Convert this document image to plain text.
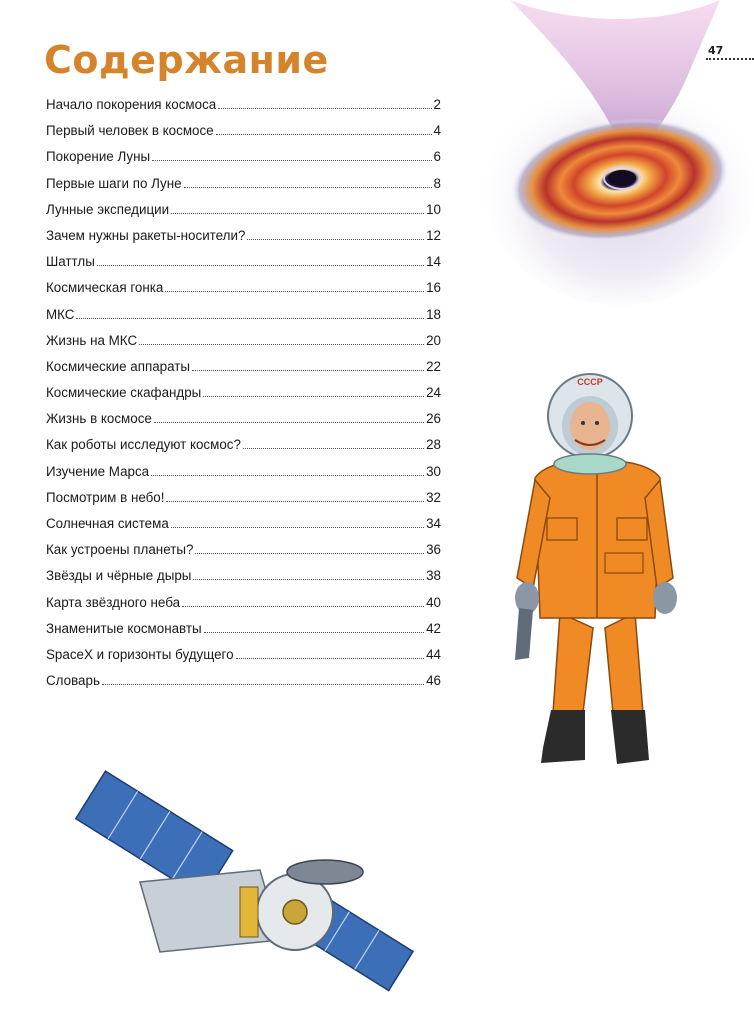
47
Содержание
Начало покорения космоса	2
Первый человек в космосе	4
Покорение Луны	6
Первые шаги по Луне	8
Лунные экспедиции	10
Зачем нужны ракеты-носители?	12
Шаттлы	14
Космическая гонка	16
МКС	18
Жизнь на МКС	20
Космические аппараты	22
Космические скафандры	24
Жизнь в космосе	26
Как роботы исследуют космос?	28
Изучение Марса	30
Посмотрим в небо!	32
Солнечная система	34
Как устроены планеты?	36
Звёзды и чёрные дыры	38
Карта звёздного неба	40
Знаменитые космонавты	42
SpaceX и горизонты будущего	44
Словарь	46
СССР
